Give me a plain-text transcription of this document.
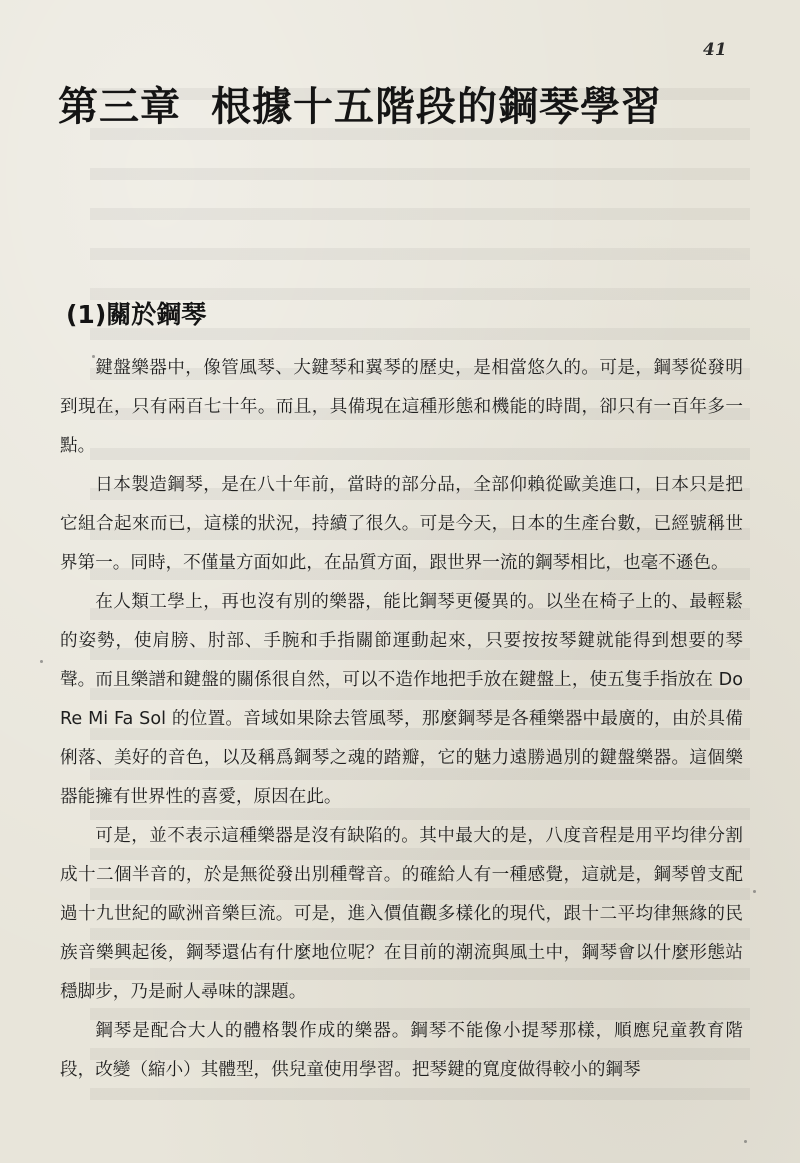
41
第三章 根據十五階段的鋼琴學習
(1)關於鋼琴

鍵盤樂器中，像管風琴、大鍵琴和翼琴的歷史，是相當悠久的。可是，鋼琴從發明到現在，只有兩百七十年。而且，具備現在這種形態和機能的時間，卻只有一百年多一點。

日本製造鋼琴，是在八十年前，當時的部分品，全部仰賴從歐美進口，日本只是把它組合起來而已，這樣的狀況，持續了很久。可是今天，日本的生產台數，已經號稱世界第一。同時，不僅量方面如此，在品質方面，跟世界一流的鋼琴相比，也毫不遜色。

在人類工學上，再也沒有別的樂器，能比鋼琴更優異的。以坐在椅子上的、最輕鬆的姿勢，使肩膀、肘部、手腕和手指關節運動起來，只要按按琴鍵就能得到想要的琴聲。而且樂譜和鍵盤的關係很自然，可以不造作地把手放在鍵盤上，使五隻手指放在 Do Re Mi Fa Sol 的位置。音域如果除去管風琴，那麼鋼琴是各種樂器中最廣的，由於具備俐落、美好的音色，以及稱爲鋼琴之魂的踏瓣，它的魅力遠勝過別的鍵盤樂器。這個樂器能擁有世界性的喜愛，原因在此。

可是，並不表示這種樂器是沒有缺陷的。其中最大的是，八度音程是用平均律分割成十二個半音的，於是無從發出別種聲音。的確給人有一種感覺，這就是，鋼琴曾支配過十九世紀的歐洲音樂巨流。可是，進入價值觀多樣化的現代，跟十二平均律無緣的民族音樂興起後，鋼琴還佔有什麼地位呢？在目前的潮流與風土中，鋼琴會以什麼形態站穩脚步，乃是耐人尋味的課題。

鋼琴是配合大人的體格製作成的樂器。鋼琴不能像小提琴那樣，順應兒童教育階段，改變（縮小）其體型，供兒童使用學習。把琴鍵的寬度做得較小的鋼琴
